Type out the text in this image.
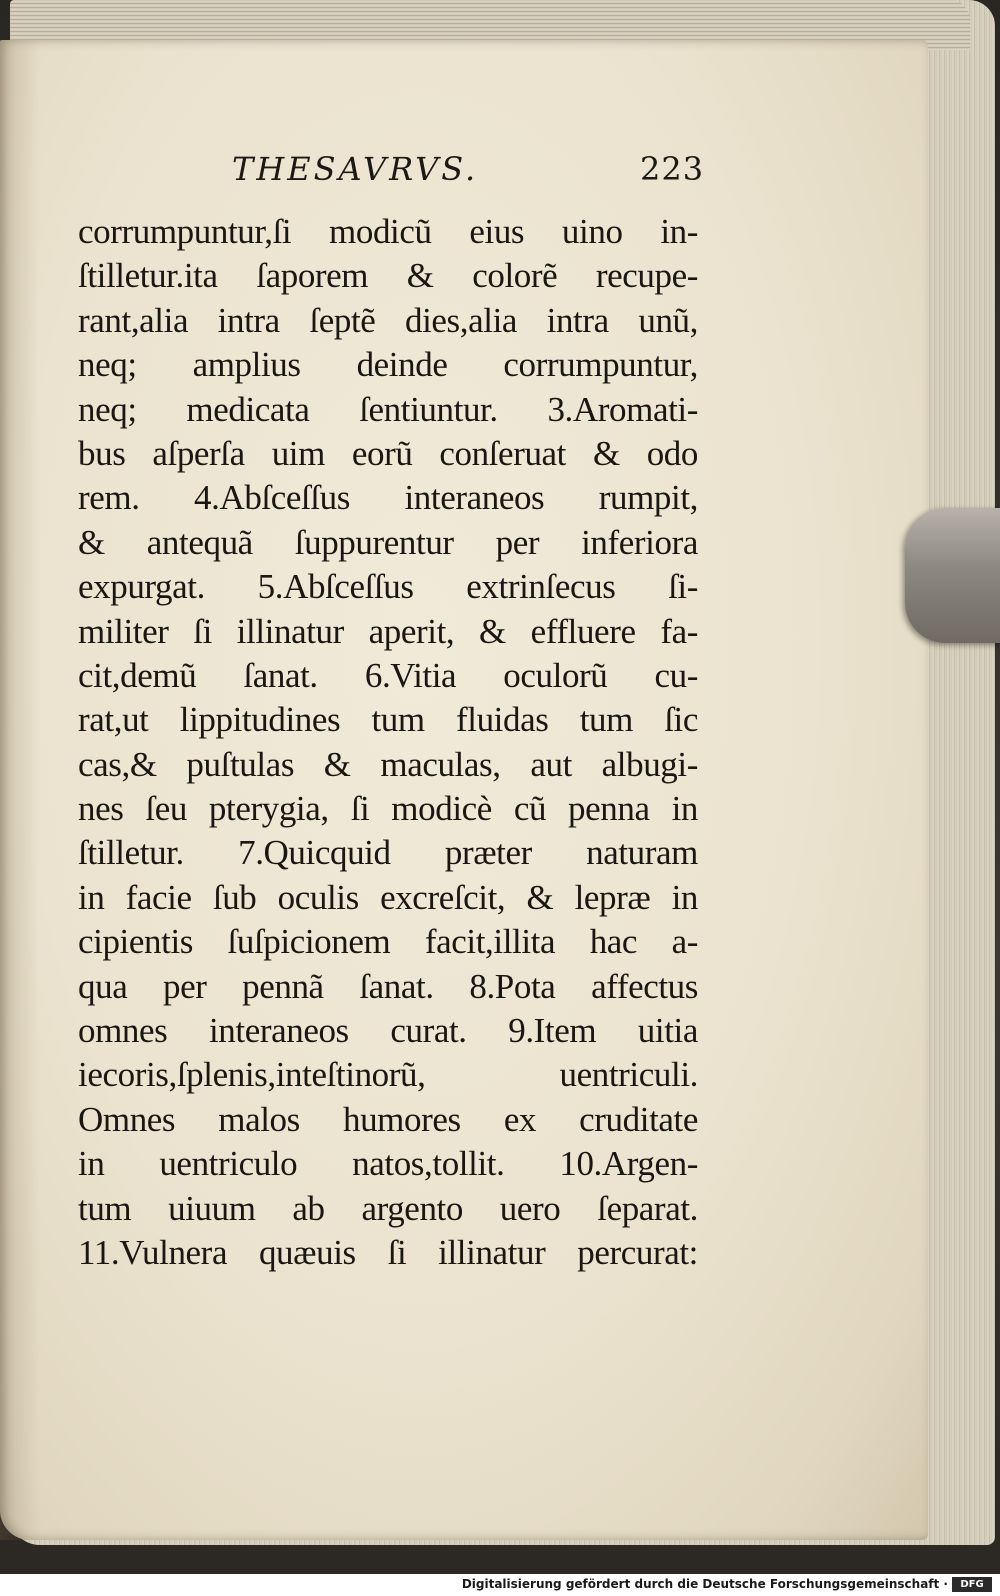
THESAVRVS.	223
corrumpuntur,ſi modicũ eius uino in-
ſtilletur.ita ſaporem & colorẽ recupe-
rant,alia intra ſeptẽ dies,alia intra unũ,
neq; amplius deinde corrumpuntur,
neq; medicata ſentiuntur. 3.Aromati-
bus aſperſa uim eorũ conſeruat & odo
rem. 4.Abſceſſus interaneos rumpit,
& antequã ſuppurentur per inferiora
expurgat. 5.Abſceſſus extrinſecus ſi-
militer ſi illinatur aperit, & effluere fa-
cit,demũ ſanat. 6.Vitia oculorũ cu-
rat,ut lippitudines tum fluidas tum ſic
cas,& puſtulas & maculas, aut albugi-
nes ſeu pterygia, ſi modicè cũ penna in
ſtilletur. 7.Quicquid præter naturam
in facie ſub oculis excreſcit, & lepræ in
cipientis ſuſpicionem facit,illita hac a-
qua per pennã ſanat. 8.Pota affectus
omnes interaneos curat. 9.Item uitia
iecoris,ſplenis,inteſtinorũ, uentriculi.
Omnes malos humores ex cruditate
in uentriculo natos,tollit. 10.Argen-
tum uiuum ab argento uero ſeparat.
11.Vulnera quæuis ſi illinatur percurat:
Digitalisierung gefördert durch die Deutsche Forschungsgemeinschaft ·	DFG
